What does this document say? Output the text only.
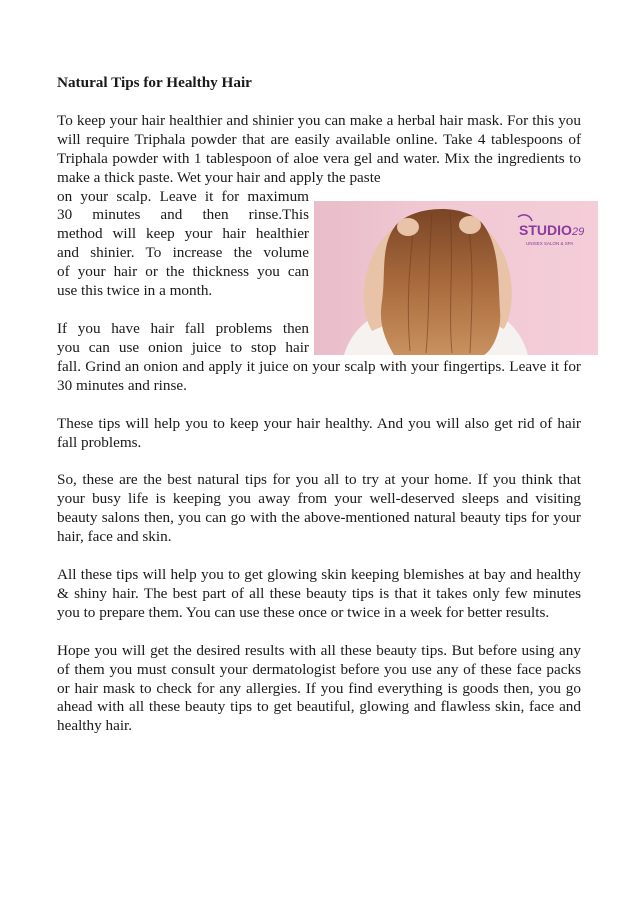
Natural Tips for Healthy Hair

To keep your hair healthier and shinier you can make a herbal hair mask. For this you will require Triphala powder that are easily available online. Take 4 tablespoons of Triphala powder with 1 tablespoon of aloe vera gel and water. Mix the ingredients to make a thick paste. Wet your hair and apply the paste
on your scalp. Leave it for maximum
30 minutes and then rinse.This
method will keep your hair healthier
and shinier. To increase the volume
of your hair or the thickness you can
use this twice in a month.

If you have hair fall problems then
you can use onion juice to stop hair
fall. Grind an onion and apply it juice on your scalp with your fingertips. Leave it for 30 minutes and rinse.

These tips will help you to keep your hair healthy. And you will also get rid of hair fall problems.

So, these are the best natural tips for you all to try at your home. If you think that your busy life is keeping you away from your well-deserved sleeps and visiting beauty salons then, you can go with the above-mentioned natural beauty tips for your hair, face and skin.

All these tips will help you to get glowing skin keeping blemishes at bay and healthy & shiny hair. The best part of all these beauty tips is that it takes only few minutes you to prepare them. You can use these once or twice in a week for better results.

Hope you will get the desired results with all these beauty tips. But before using any of them you must consult your dermatologist before you use any of these face packs or hair mask to check for any allergies. If you find everything is goods then, you go ahead with all these beauty tips to get beautiful, glowing and flawless skin, face and healthy hair.

STUDIO 29
UNISEX SALON & SPA
